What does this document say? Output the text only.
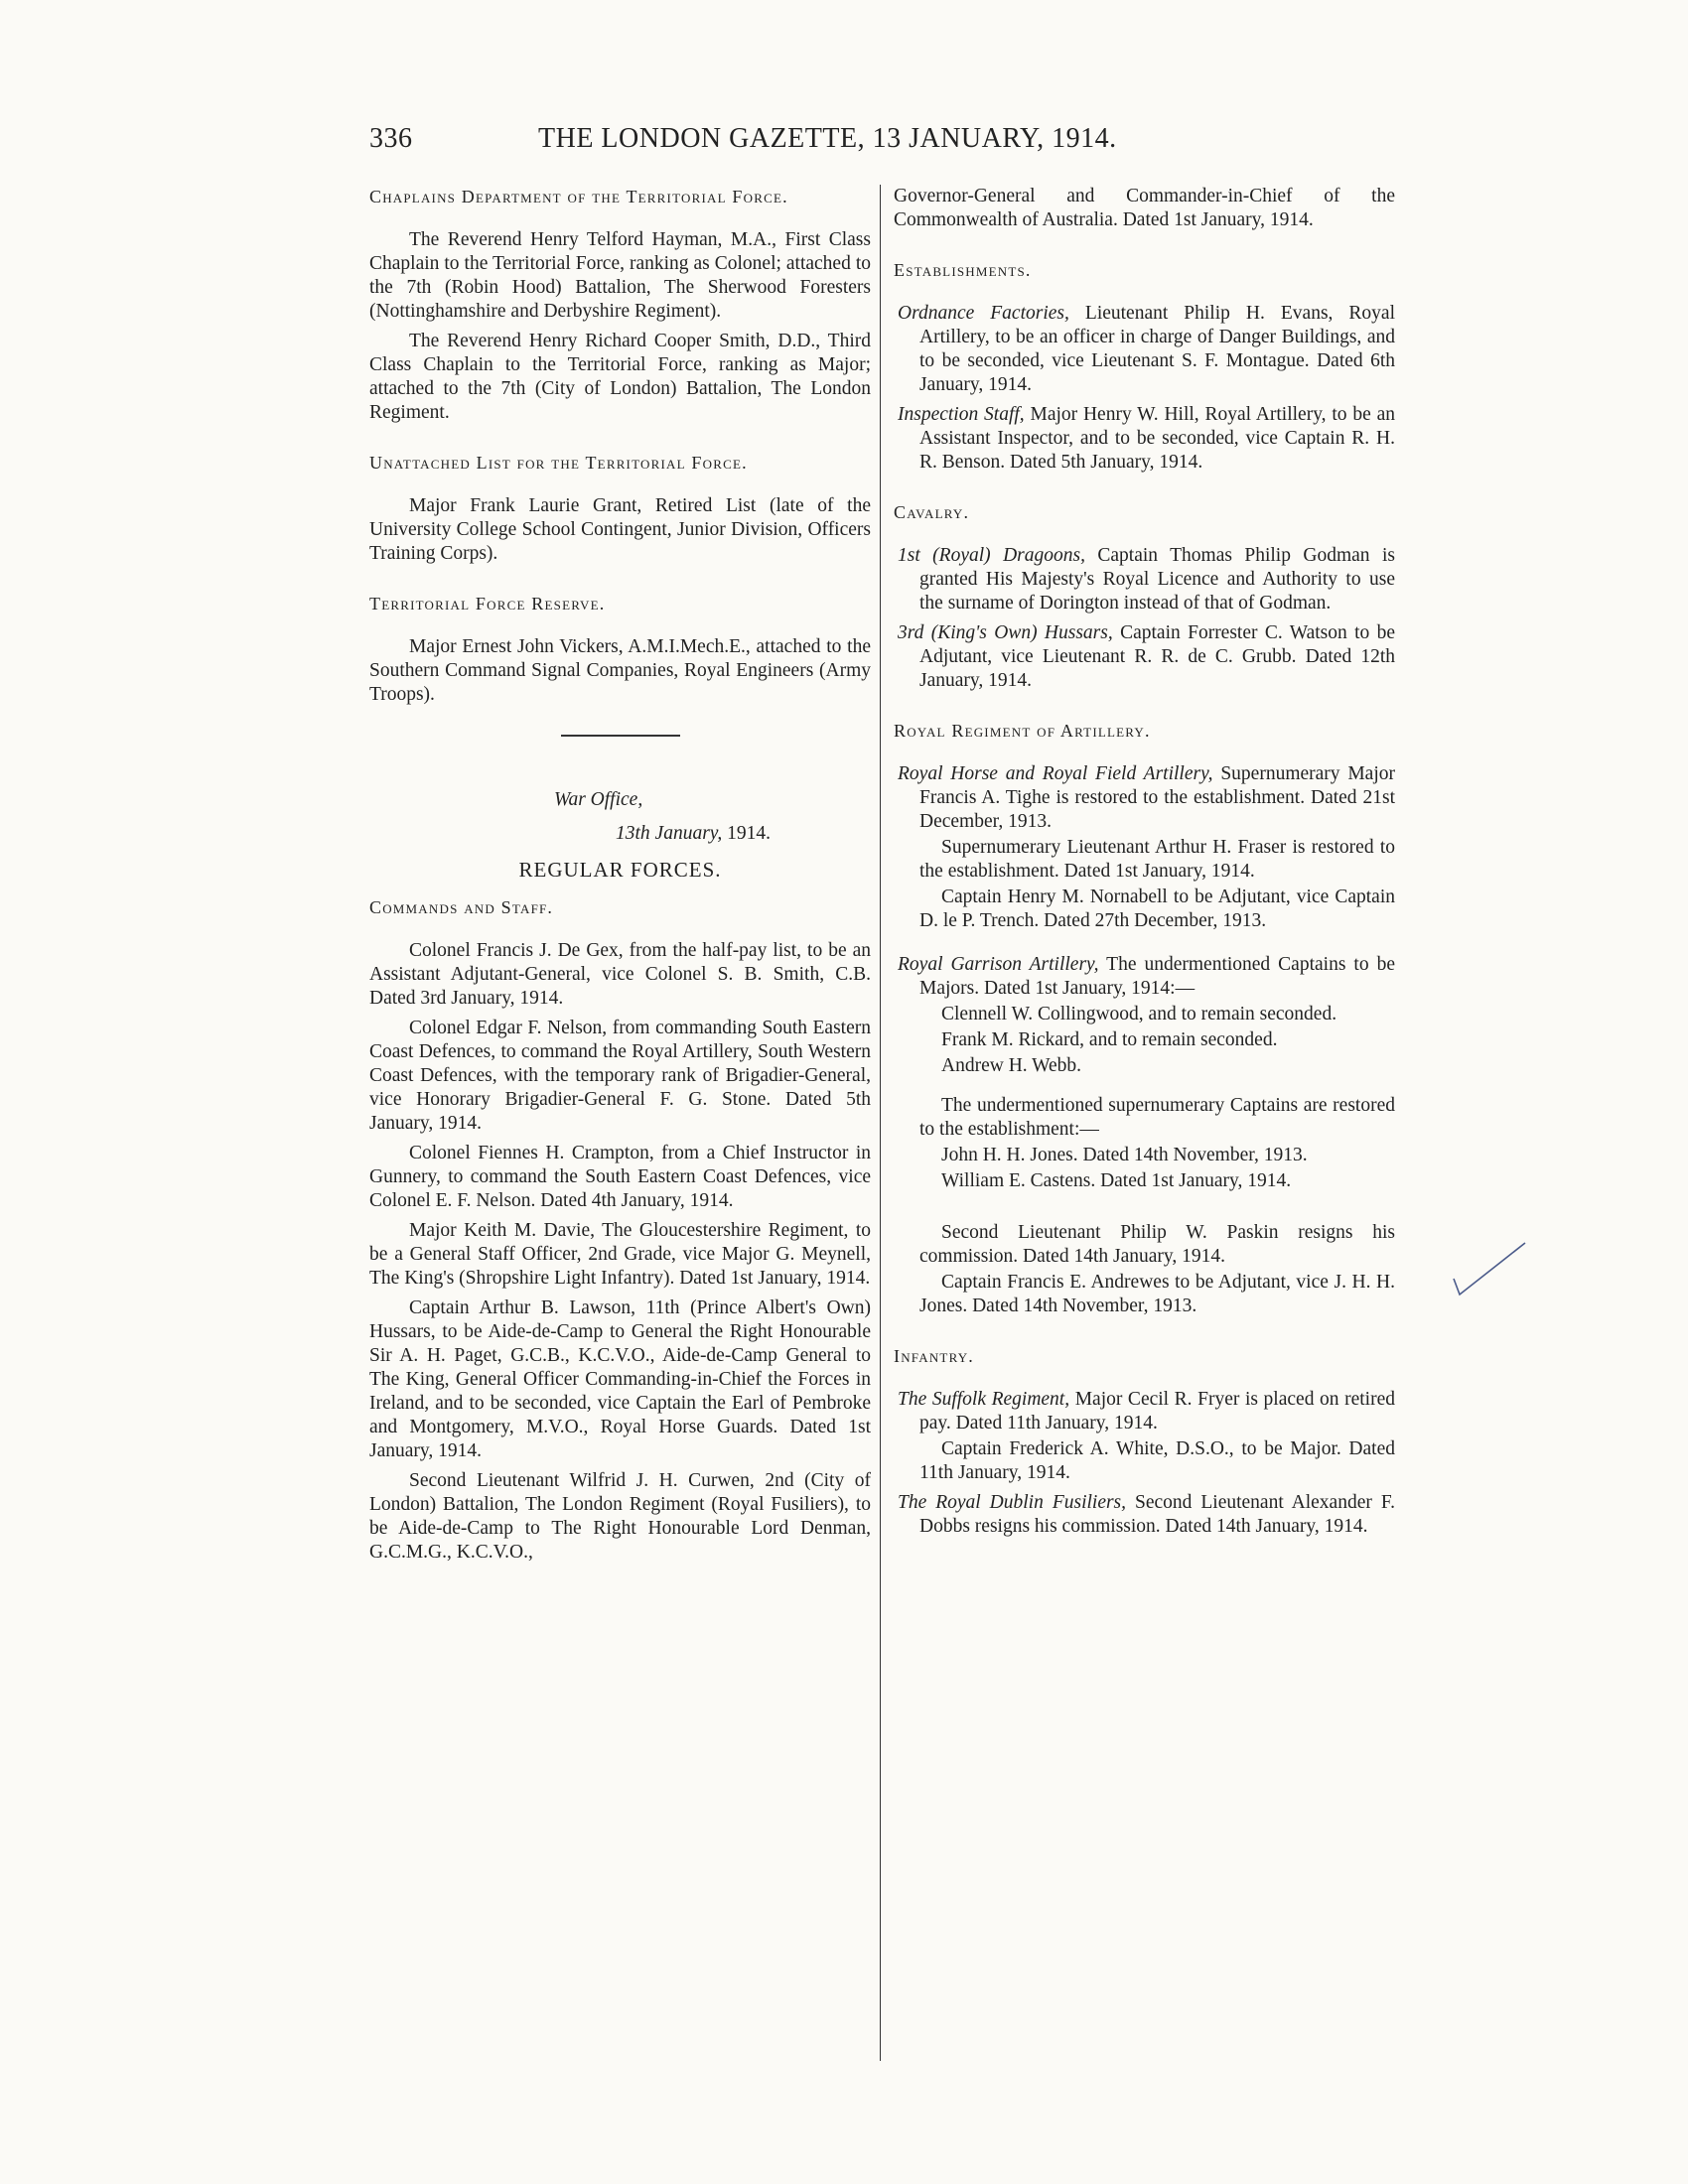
336	THE LONDON GAZETTE, 13 JANUARY, 1914.
Chaplains Department of the Territorial Force.

The Reverend Henry Telford Hayman, M.A., First Class Chaplain to the Territorial Force, ranking as Colonel; attached to the 7th (Robin Hood) Battalion, The Sherwood Foresters (Nottinghamshire and Derbyshire Regiment).

The Reverend Henry Richard Cooper Smith, D.D., Third Class Chaplain to the Territorial Force, ranking as Major; attached to the 7th (City of London) Battalion, The London Regiment.

Unattached List for the Territorial Force.

Major Frank Laurie Grant, Retired List (late of the University College School Contingent, Junior Division, Officers Training Corps).

Territorial Force Reserve.

Major Ernest John Vickers, A.M.I.Mech.E., attached to the Southern Command Signal Companies, Royal Engineers (Army Troops).

War Office,
13th January, 1914.
REGULAR FORCES.
Commands and Staff.

Colonel Francis J. De Gex, from the half-pay list, to be an Assistant Adjutant-General, vice Colonel S. B. Smith, C.B. Dated 3rd January, 1914.

Colonel Edgar F. Nelson, from commanding South Eastern Coast Defences, to command the Royal Artillery, South Western Coast Defences, with the temporary rank of Brigadier-General, vice Honorary Brigadier-General F. G. Stone. Dated 5th January, 1914.

Colonel Fiennes H. Crampton, from a Chief Instructor in Gunnery, to command the South Eastern Coast Defences, vice Colonel E. F. Nelson. Dated 4th January, 1914.

Major Keith M. Davie, The Gloucestershire Regiment, to be a General Staff Officer, 2nd Grade, vice Major G. Meynell, The King's (Shropshire Light Infantry). Dated 1st January, 1914.

Captain Arthur B. Lawson, 11th (Prince Albert's Own) Hussars, to be Aide-de-Camp to General the Right Honourable Sir A. H. Paget, G.C.B., K.C.V.O., Aide-de-Camp General to The King, General Officer Commanding-in-Chief the Forces in Ireland, and to be seconded, vice Captain the Earl of Pembroke and Montgomery, M.V.O., Royal Horse Guards. Dated 1st January, 1914.

Second Lieutenant Wilfrid J. H. Curwen, 2nd (City of London) Battalion, The London Regiment (Royal Fusiliers), to be Aide-de-Camp to The Right Honourable Lord Denman, G.C.M.G., K.C.V.O.,

Governor-General and Commander-in-Chief of the Commonwealth of Australia. Dated 1st January, 1914.

Establishments.

Ordnance Factories, Lieutenant Philip H. Evans, Royal Artillery, to be an officer in charge of Danger Buildings, and to be seconded, vice Lieutenant S. F. Montague. Dated 6th January, 1914.

Inspection Staff, Major Henry W. Hill, Royal Artillery, to be an Assistant Inspector, and to be seconded, vice Captain R. H. R. Benson. Dated 5th January, 1914.

Cavalry.

1st (Royal) Dragoons, Captain Thomas Philip Godman is granted His Majesty's Royal Licence and Authority to use the surname of Dorington instead of that of Godman.

3rd (King's Own) Hussars, Captain Forrester C. Watson to be Adjutant, vice Lieutenant R. R. de C. Grubb. Dated 12th January, 1914.

Royal Regiment of Artillery.

Royal Horse and Royal Field Artillery, Supernumerary Major Francis A. Tighe is restored to the establishment. Dated 21st December, 1913.

Supernumerary Lieutenant Arthur H. Fraser is restored to the establishment. Dated 1st January, 1914.

Captain Henry M. Nornabell to be Adjutant, vice Captain D. le P. Trench. Dated 27th December, 1913.

Royal Garrison Artillery, The undermentioned Captains to be Majors. Dated 1st January, 1914:—

Clennell W. Collingwood, and to remain seconded.

Frank M. Rickard, and to remain seconded.

Andrew H. Webb.

The undermentioned supernumerary Captains are restored to the establishment:—

John H. H. Jones. Dated 14th November, 1913.

William E. Castens. Dated 1st January, 1914.

Second Lieutenant Philip W. Paskin resigns his commission. Dated 14th January, 1914.

Captain Francis E. Andrewes to be Adjutant, vice J. H. H. Jones. Dated 14th November, 1913.

Infantry.

The Suffolk Regiment, Major Cecil R. Fryer is placed on retired pay. Dated 11th January, 1914.

Captain Frederick A. White, D.S.O., to be Major. Dated 11th January, 1914.

The Royal Dublin Fusiliers, Second Lieutenant Alexander F. Dobbs resigns his commission. Dated 14th January, 1914.
